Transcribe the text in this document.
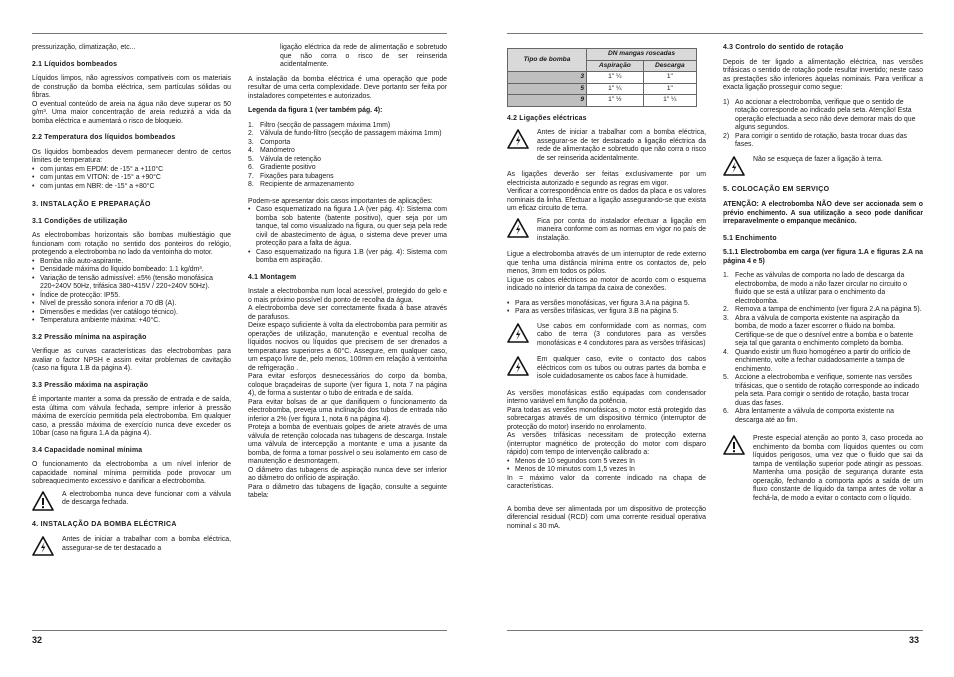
pressurização, climatização, etc...

2.1 Líquidos bombeados

Líquidos limpos, não agressivos compatíveis com os materiais de construção da bomba eléctrica, sem partículas sólidas ou fibras.
O eventual conteúdo de areia na água não deve superar os 50 g/m³. Uma maior concentração de areia reduzirá a vida da bomba eléctrica e aumentará o risco de bloqueio.

2.2 Temperatura dos líquidos bombeados

Os líquidos bombeados devem permanecer dentro de certos limites de temperatura:

• com juntas em EPDM: de -15° a +110°C
• com juntas em VITON: de -15° a +90°C
• com juntas em NBR: de -15° a +80°C
3. INSTALAÇÃO E PREPARAÇÃO
3.1 Condições de utilização

As electrobombas horizontais são bombas multiestágio que funcionam com rotação no sentido dos ponteiros do relógio, protegendo a electrobomba no lado da ventoinha do motor.

• Bomba não auto-aspirante.
• Densidade máxima do líquido bombeado: 1.1 kg/dm³.
• Variação de tensão admissível: ±5% (tensão monofásica 220÷240V 50Hz, trifásica 380÷415V / 220÷240V 50Hz).
• Índice de protecção: IP55.
• Nível de pressão sonora inferior a 70 dB (A).
• Dimensões e medidas (ver catálogo técnico).
• Temperatura ambiente máxima: +40°C.
3.2 Pressão mínima na aspiração

Verifique as curvas características das electrobombas para avaliar o factor NPSH e assim evitar problemas de cavitação (caso na figura 1.B da página 4).

3.3 Pressão máxima na aspiração

É importante manter a soma da pressão de entrada e de saída, esta última com válvula fechada, sempre inferior à pressão máxima de exercício permitida pela electrobomba. Em qualquer caso, a pressão máxima de exercício nunca deve exceder os 10bar (caso na figura 1.A da página 4).

3.4 Capacidade nominal mínima

O funcionamento da electrobomba a um nível inferior de capacidade nominal mínima permitida pode provocar um sobreaquecimento excessivo e danificar a electrobomba.

A electrobomba nunca deve funcionar com a válvula de descarga fechada.
4. INSTALAÇÃO DA BOMBA ELÉCTRICA
Antes de iniciar a trabalhar com a bomba eléctrica, assegurar-se de ter destacado a

ligação eléctrica da rede de alimentação e sobretudo que não corra o risco de ser reinserida acidentalmente.

A instalação da bomba eléctrica é uma operação que pode resultar de uma certa complexidade. Deve portanto ser feita por instaladores competentes e autorizados.

Legenda da figura 1 (ver também pág. 4):

1. Filtro (secção de passagem máxima 1mm)
2. Válvula de fundo-filtro (secção de passagem máxima 1mm)
3. Comporta
4. Manómetro
5. Válvula de retenção
6. Gradiente positivo
7. Fixações para tubagens
8. Recipiente de armazenamento

Podem-se apresentar dois casos importantes de aplicações:

• Caso esquematizado na figura 1.A (ver pág. 4): Sistema com bomba sob batente (batente positivo), quer seja por um tanque, tal como visualizado na figura, ou quer seja pela rede civil de abastecimento de água, o sistema deve prever uma protecção para a falta de água.
• Caso esquematizado na figura 1.B (ver pág. 4): Sistema com bomba em aspiração.
4.1 Montagem

Instale a electrobomba num local acessível, protegido do gelo e o mais próximo possível do ponto de recolha da água.

A electrobomba deve ser correctamente fixada à base através de parafusos.

Deixe espaço suficiente à volta da electrobomba para permitir as operações de utilização, manutenção e eventual recolha de líquidos nocivos ou líquidos que precisem de ser drenados a temperaturas superiores a 60°C. Assegure, em qualquer caso, um espaço livre de, pelo menos, 100mm em relação à ventoinha de refrigeração .

Para evitar esforços desnecessários do corpo da bomba, coloque braçadeiras de suporte (ver figura 1, nota 7 na página 4), de forma a sustentar o tubo de entrada e de saída.

Para evitar bolsas de ar que danifiquem o funcionamento da electrobomba, preveja uma inclinação dos tubos de entrada não inferior a 2% (ver figura 1, nota 6 na página 4).

Proteja a bomba de eventuais golpes de ariete através de uma válvula de retenção colocada nas tubagens de descarga. Instale uma válvula de intercepção a montante e uma a jusante da bomba, de forma a tornar possível o seu isolamento em caso de manutenção e desmontagem.

O diâmetro das tubagens de aspiração nunca deve ser inferior ao diâmetro do orifício de aspiração.

Para o diâmetro das tubagens de ligação, consulte a seguinte tabela:

32
Tipo de bomba	DN mangas roscadas	
	Aspiração	Descarga
3	1" ¼	1"
5	1" ¼	1"
9	1" ½	1" ¼
4.2 Ligações eléctricas
Antes de iniciar a trabalhar com a bomba eléctrica, assegurar-se de ter destacado a ligação eléctrica da rede de alimentação e sobretudo que não corra o risco de ser reinserida acidentalmente.

As ligações deverão ser feitas exclusivamente por um electricista autorizado e segundo as regras em vigor.

Verificar a correspondência entre os dados da placa e os valores nominais da linha. Efectuar a ligação assegurando-se que exista um eficaz circuito de terra.

Fica por conta do instalador efectuar a ligação em maneira conforme com as normas em vigor no país de instalação.

Ligue a electrobomba através de um interruptor de rede externo que tenha uma distância mínima entre os contactos de, pelo menos, 3mm em todos os pólos.

Ligue os cabos eléctricos ao motor de acordo com o esquema indicado no interior da tampa da caixa de conexões.

• Para as versões monofásicas, ver figura 3.A na página 5.
• Para as versões trifásicas, ver figura 3.B na página 5.
Use cabos em conformidade com as normas, com cabo de terra (3 condutores para as versões monofásicas e 4 condutores para as versões trifásicas)
Em qualquer caso, evite o contacto dos cabos eléctricos com os tubos ou outras partes da bomba e isole cuidadosamente os cabos face à humidade.

As versões monofásicas estão equipadas com condensador interno variável em função da potência.

Para todas as versões monofásicas, o motor está protegido das sobrecargas através de um dispositivo térmico (interruptor de protecção do motor) inserido no enrolamento.

As versões trifásicas necessitam de protecção externa (interruptor magnético de protecção do motor com disparo rápido) com tempo de intervenção calibrado a:

• Menos de 10 segundos com 5 vezes In
• Menos de 10 minutos com 1,5 vezes In

In = máximo valor da corrente indicado na chapa de características.

A bomba deve ser alimentada por um dispositivo de protecção diferencial residual (RCD) com uma corrente residual operativa nominal ≤ 30 mA.

4.3 Controlo do sentido de rotação

Depois de ter ligado a alimentação eléctrica, nas versões trifásicas o sentido de rotação pode resultar invertido; neste caso as prestações são inferiores àquelas nominais. Para verificar a exacta ligação prosseguir como segue:

1) Ao accionar a electrobomba, verifique que o sentido de rotação corresponde ao indicado pela seta. Atenção! Esta operação efectuada a seco não deve demorar mais do que alguns segundos.
2) Para corrigir o sentido de rotação, basta trocar duas das fases.
Não se esqueça de fazer a ligação à terra.
5. COLOCAÇÃO EM SERVIÇO

ATENÇÃO: A electrobomba NÃO deve ser accionada sem o prévio enchimento. A sua utilização a seco pode danificar irreparavelmente o empanque mecânico.

5.1 Enchimento

5.1.1 Electrobomba em carga (ver figura 1.A e figuras 2.A na página 4 e 5)

1. Feche as válvulas de comporta no lado de descarga da electrobomba, de modo a não fazer circular no circuito o fluido que se está a utilizar para o enchimento da electrobomba.
2. Remova a tampa de enchimento (ver figura 2.A na página 5).
3. Abra a válvula de comporta existente na aspiração da bomba, de modo a fazer escorrer o fluido na bomba. Certifique-se de que o desnível entre a bomba e o batente seja tal que garanta o enchimento completo da bomba.
4. Quando existir um fluxo homogéneo a partir do orifício de enchimento, volte a fechar cuidadosamente a tampa de enchimento.
5. Accione a electrobomba e verifique, somente nas versões trifásicas, que o sentido de rotação corresponde ao indicado pela seta. Para corrigir o sentido de rotação, basta trocar duas das fases.
6. Abra lentamente a válvula de comporta existente na descarga até ao fim.
Preste especial atenção ao ponto 3, caso proceda ao enchimento da bomba com líquidos quentes ou com líquidos perigosos, uma vez que o fluido que sai da tampa de ventilação superior pode atingir as pessoas. Mantenha uma posição de segurança durante esta operação, fechando a comporta após a saída de um fluxo constante de líquido da tampa antes de voltar a fechá-la, de modo a evitar o contacto com o líquido.
33
